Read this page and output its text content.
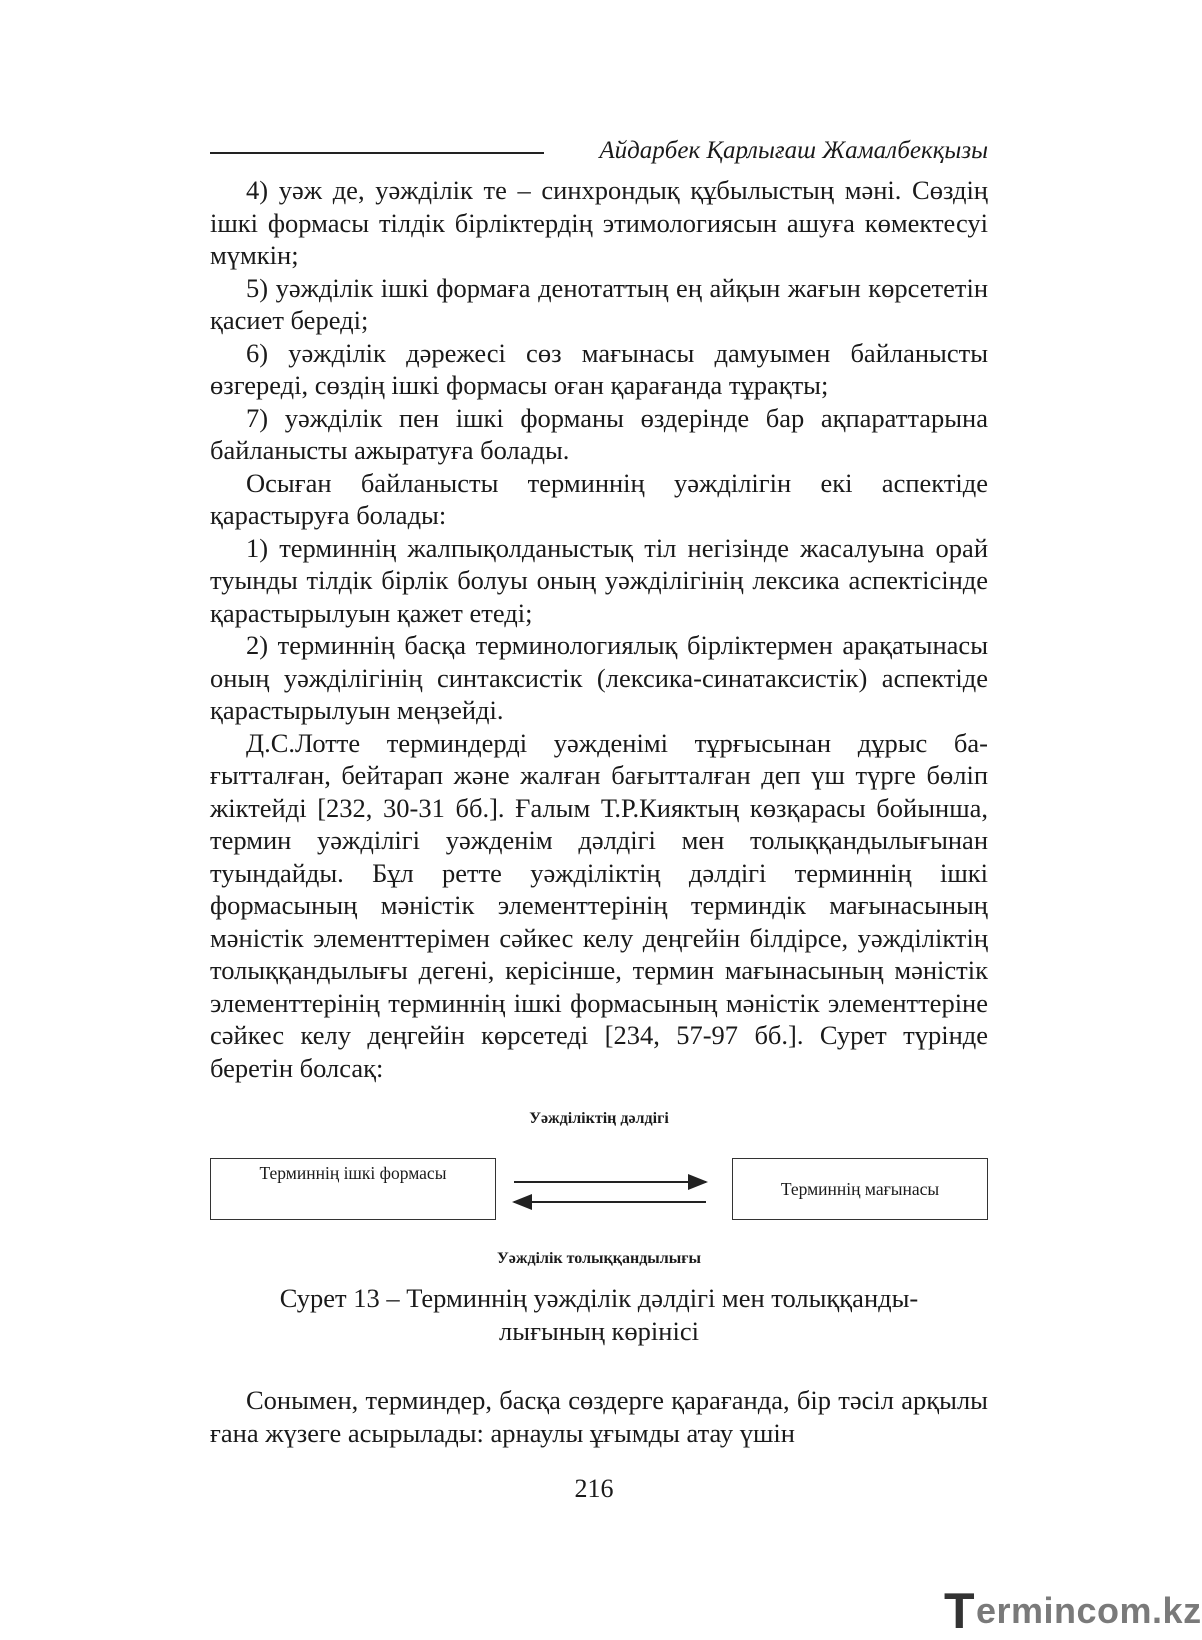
Айдарбек Қарлығаш Жамалбекқызы

4) уәж де, уәжділік те – синхрондық құбылыстың мәні. Сөздің ішкі формасы тілдік бірліктердің этимологиясын ашуға көмектесуі мүмкін;

5) уәжділік ішкі формаға денотаттың ең айқын жағын көрсететін қасиет береді;

6) уәжділік дәрежесі сөз мағынасы дамуымен байланысты өзгереді, сөздің ішкі формасы оған қарағанда тұрақты;

7) уәжділік пен ішкі форманы өздерінде бар ақпараттарына байланысты ажыратуға болады.

Осыған байланысты терминнің уәжділігін екі аспектіде қарастыруға болады:

1) терминнің жалпықолданыстық тіл негізінде жасалуына орай туынды тілдік бірлік болуы оның уәжділігінің лексика аспектісінде қарастырылуын қажет етеді;

2) терминнің басқа терминологиялық бірліктермен арақатынасы оның уәжділігінің синтаксистік (лексика-синатаксистік) аспектіде қарастырылуын меңзейді.

Д.С.Лотте терминдерді уәжденімі тұрғысынан дұрыс бағытталған, бейтарап және жалған бағытталған деп үш түрге бөліп жіктейді [232, 30-31 бб.]. Ғалым Т.Р.Кияктың көзқарасы бойынша, термин уәжділігі уәжденім дәлдігі мен толыққандылығынан туындайды. Бұл ретте уәжділіктің дәлдігі терминнің ішкі формасының мәністік элементтерінің терминдік мағынасының мәністік элементтерімен сәйкес келу деңгейін білдірсе, уәжділіктің толыққандылығы дегені, керісінше, термин мағынасының мәністік элементтерінің терминнің ішкі формасының мәністік элементтеріне сәйкес келу деңгейін көрсетеді [234, 57-97 бб.]. Сурет түрінде беретін болсақ:

Уәжділіктің дәлдігі
Терминнің ішкі формасы
Терминнің мағынасы
Уәжділік толыққандылығы
Сурет 13 – Терминнің уәжділік дәлдігі мен толыққанды-
лығының көрінісі

Сонымен, терминдер, басқа сөздерге қарағанда, бір тәсіл арқылы ғана жүзеге асырылады: арнаулы ұғымды атау үшін

216
T ermincom.kz
